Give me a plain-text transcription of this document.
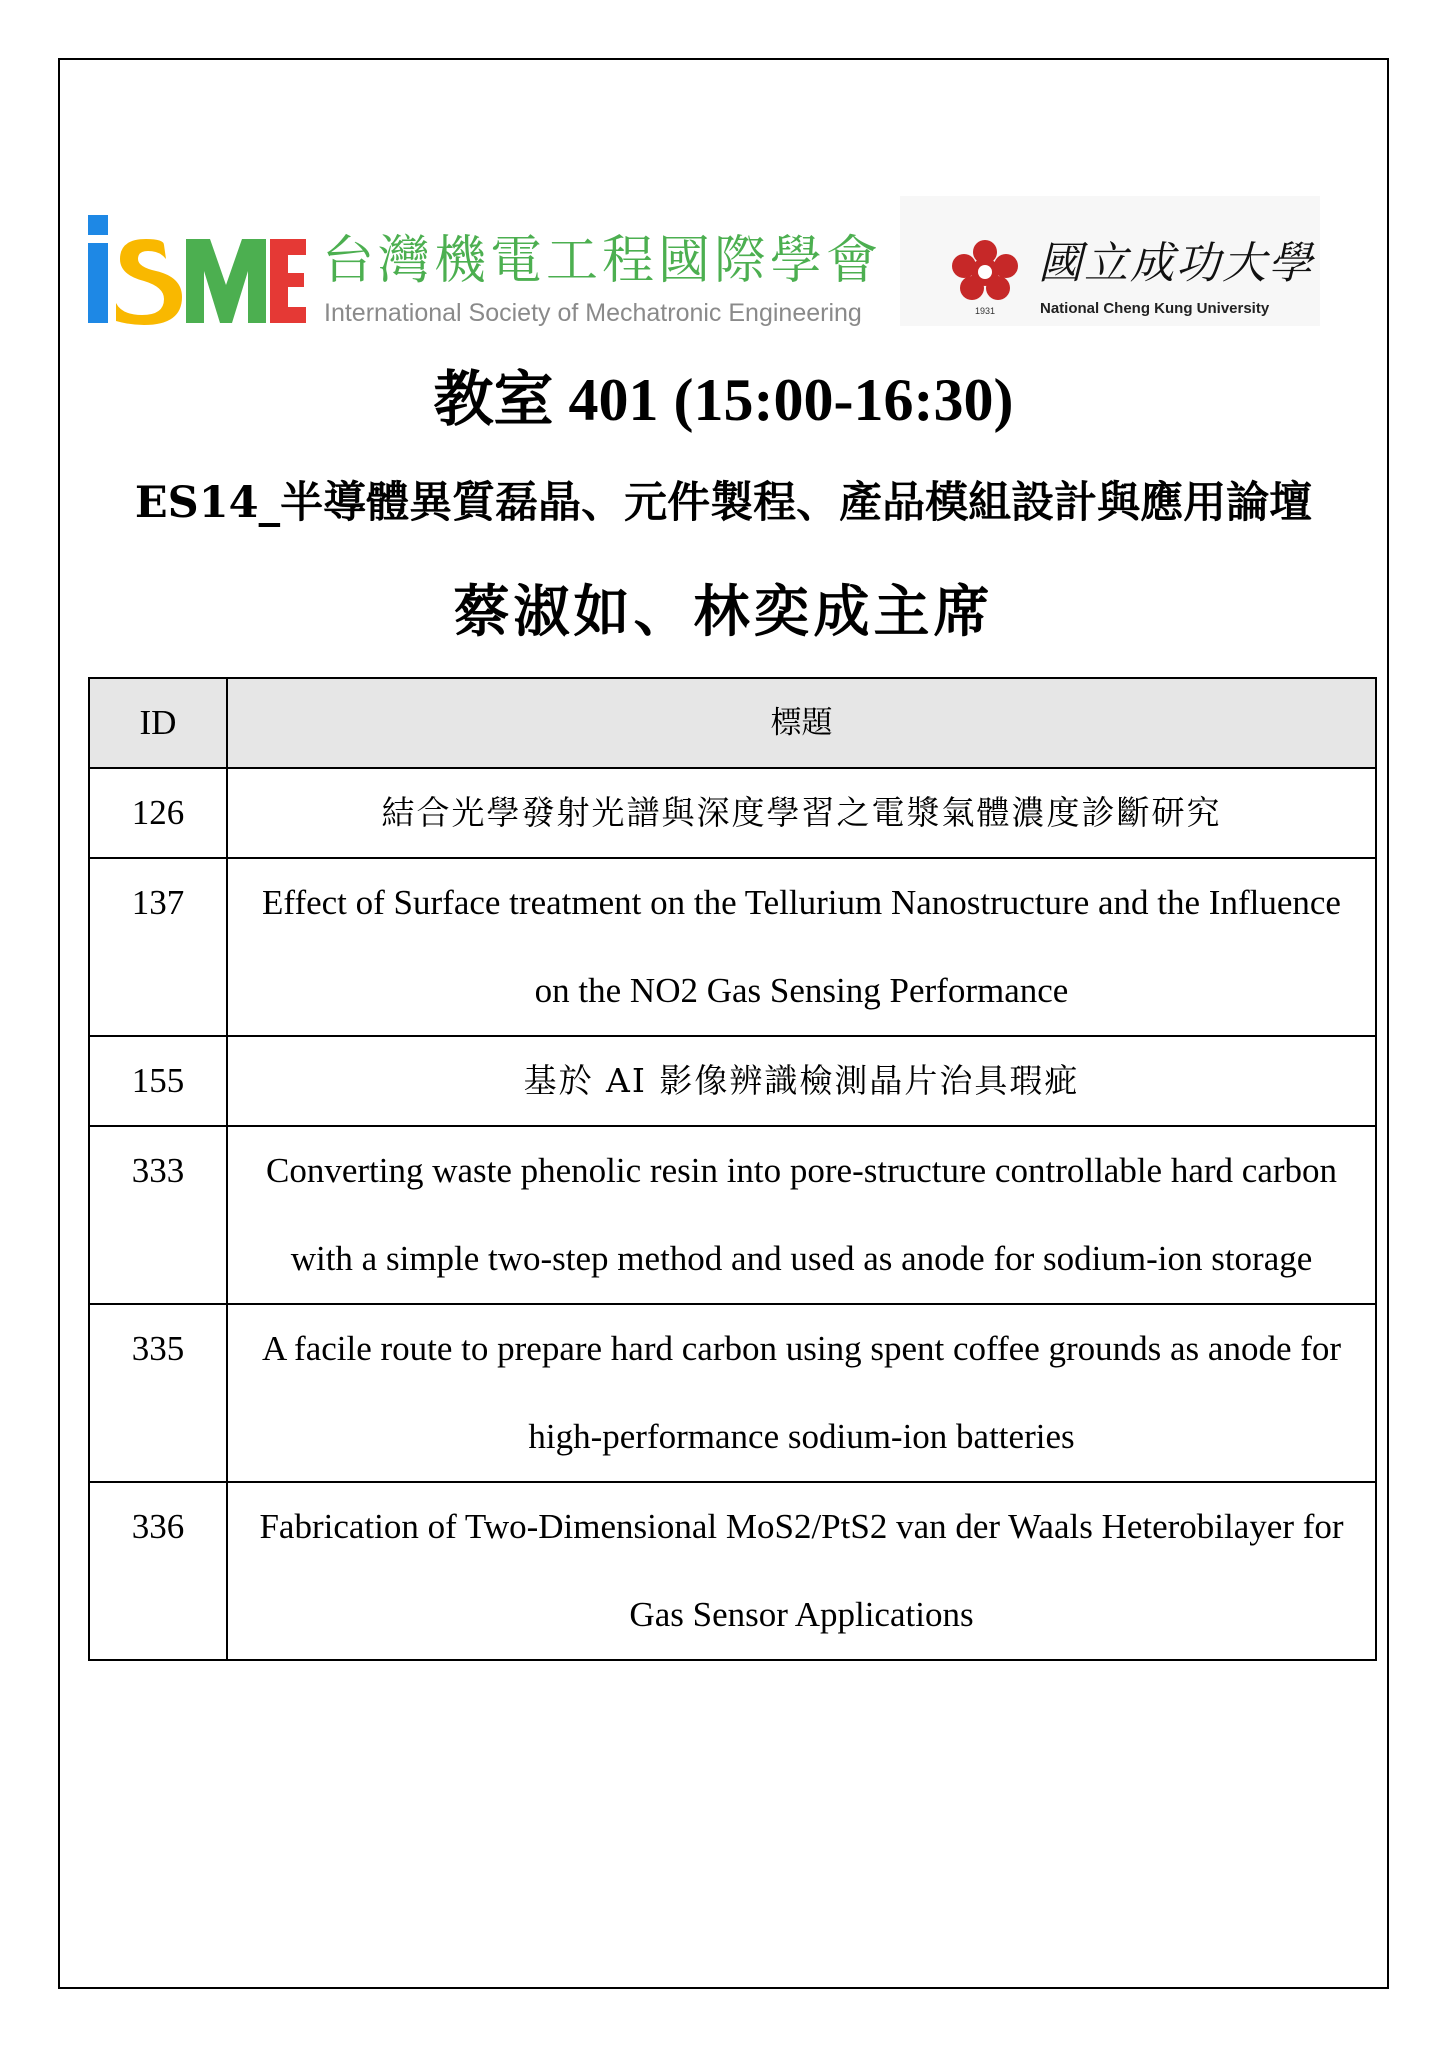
台灣機電工程國際學會
International Society of Mechatronic Engineering	1931
國立成功大學
National Cheng Kung University
教室 401 (15:00-16:30)
ES14_半導體異質磊晶、元件製程、產品模組設計與應用論壇
蔡淑如、林奕成主席
ID	標題
126	結合光學發射光譜與深度學習之電漿氣體濃度診斷研究
137	Effect of Surface treatment on the Tellurium Nanostructure and the Influence on the NO2 Gas Sensing Performance
155	基於 AI 影像辨識檢測晶片治具瑕疵
333	Converting waste phenolic resin into pore-structure controllable hard carbon with a simple two-step method and used as anode for sodium-ion storage
335	A facile route to prepare hard carbon using spent coffee grounds as anode for high-performance sodium-ion batteries
336	Fabrication of Two-Dimensional MoS2/PtS2 van der Waals Heterobilayer for Gas Sensor Applications
